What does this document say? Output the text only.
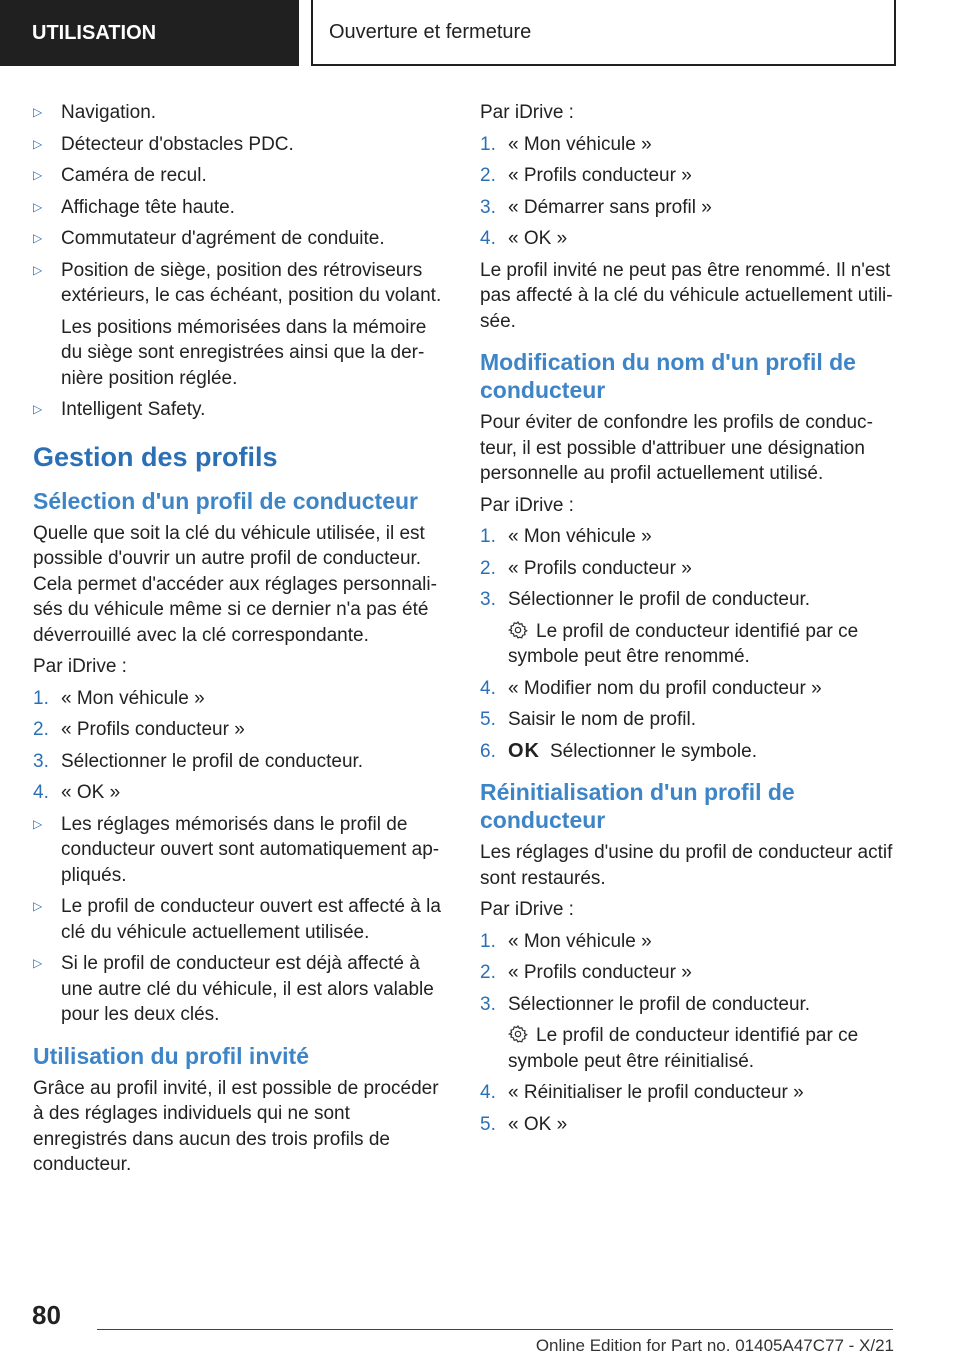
UTILISATION	Ouverture et fermeture
▷ Navigation.
▷ Détecteur d'obstacles PDC.
▷ Caméra de recul.
▷ Affichage tête haute.
▷ Commutateur d'agrément de conduite.
▷ Position de siège, position des rétroviseurs extérieurs, le cas échéant, position du volant.
Les positions mémorisées dans la mémoire du siège sont enregistrées ainsi que la dernière position réglée.
▷ Intelligent Safety.
Gestion des profils
Sélection d'un profil de conducteur

Quelle que soit la clé du véhicule utilisée, il est possible d'ouvrir un autre profil de conducteur. Cela permet d'accéder aux réglages personnalisés du véhicule même si ce dernier n'a pas été déverrouillé avec la clé correspondante.

Par iDrive :

1. « Mon véhicule »
2. « Profils conducteur »
3. Sélectionner le profil de conducteur.
4. « OK »
▷ Les réglages mémorisés dans le profil de conducteur ouvert sont automatiquement appliqués.
▷ Le profil de conducteur ouvert est affecté à la clé du véhicule actuellement utilisée.
▷ Si le profil de conducteur est déjà affecté à une autre clé du véhicule, il est alors valable pour les deux clés.
Utilisation du profil invité

Grâce au profil invité, il est possible de procéder à des réglages individuels qui ne sont enregistrés dans aucun des trois profils de conducteur.

Par iDrive :

1. « Mon véhicule »
2. « Profils conducteur »
3. « Démarrer sans profil »
4. « OK »

Le profil invité ne peut pas être renommé. Il n'est pas affecté à la clé du véhicule actuellement utilisée.

Modification du nom d'un profil de conducteur

Pour éviter de confondre les profils de conducteur, il est possible d'attribuer une désignation personnelle au profil actuellement utilisé.

Par iDrive :

1. « Mon véhicule »
2. « Profils conducteur »
3. Sélectionner le profil de conducteur.
Le profil de conducteur identifié par ce symbole peut être renommé.
4. « Modifier nom du profil conducteur »
5. Saisir le nom de profil.
6. OK Sélectionner le symbole.
Réinitialisation d'un profil de conducteur

Les réglages d'usine du profil de conducteur actif sont restaurés.

Par iDrive :

1. « Mon véhicule »
2. « Profils conducteur »
3. Sélectionner le profil de conducteur.
Le profil de conducteur identifié par ce symbole peut être réinitialisé.
4. « Réinitialiser le profil conducteur »
5. « OK »
80
Online Edition for Part no. 01405A47C77 - X/21
